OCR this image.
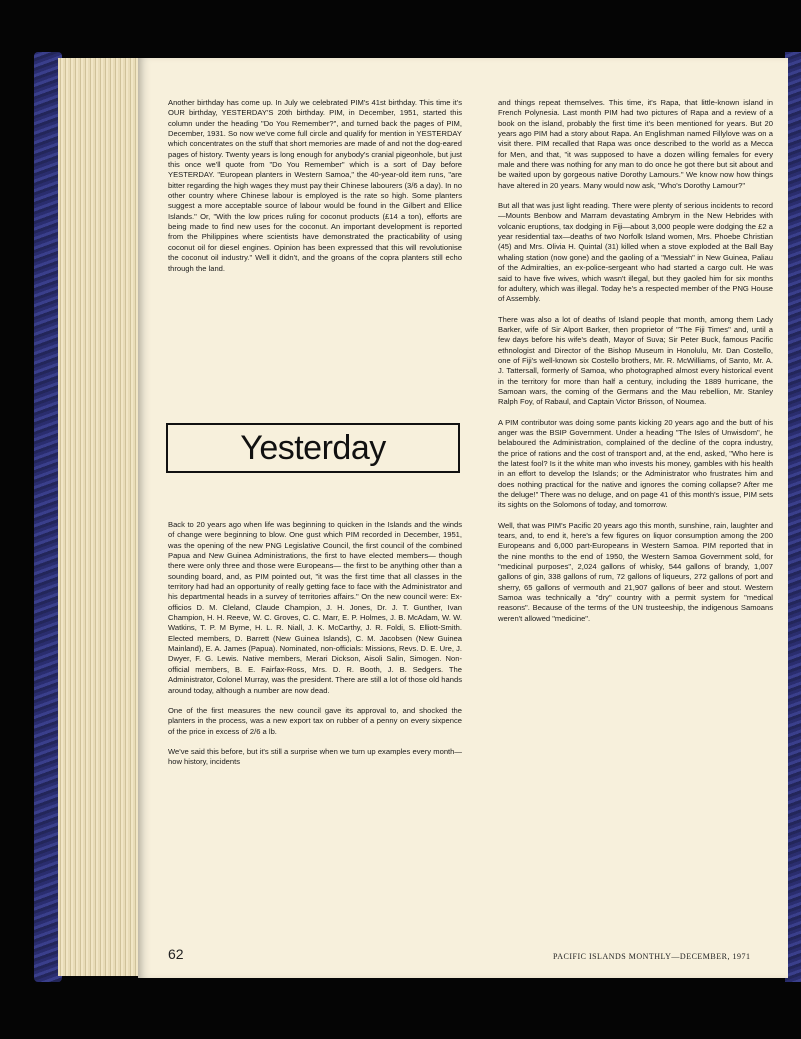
Another birthday has come up. In July we celebrated PIM's 41st birthday. This time it's OUR birthday, YESTERDAY'S 20th birthday. PIM, in December, 1951, started this column under the heading "Do You Remember?", and turned back the pages of PIM, December, 1931. So now we've come full circle and qualify for mention in YESTERDAY which concentrates on the stuff that short memories are made of and not the dog-eared pages of history. Twenty years is long enough for anybody's cranial pigeonhole, but just this once we'll quote from "Do You Remember" which is a sort of Day before YESTERDAY. "European planters in Western Samoa," the 40-year-old item runs, "are bitter regarding the high wages they must pay their Chinese labourers (3/6 a day). In no other country where Chinese labour is employed is the rate so high. Some planters suggest a more acceptable source of labour would be found in the Gilbert and Ellice Islands." Or, "With the low prices ruling for coconut products (£14 a ton), efforts are being made to find new uses for the coconut. An important development is reported from the Philippines where scientists have demonstrated the practicability of using coconut oil for diesel engines. Opinion has been expressed that this will revolutionise the coconut oil industry." Well it didn't, and the groans of the copra planters still echo through the land.

Yesterday

Back to 20 years ago when life was beginning to quicken in the Islands and the winds of change were beginning to blow. One gust which PIM recorded in December, 1951, was the opening of the new PNG Legislative Council, the first council of the combined Papua and New Guinea Administrations, the first to have elected members— though there were only three and those were Europeans— the first to be anything other than a sounding board, and, as PIM pointed out, "it was the first time that all classes in the territory had had an opportunity of really getting face to face with the Administrator and his departmental heads in a survey of territories affairs." On the new council were: Ex-officios D. M. Cleland, Claude Champion, J. H. Jones, Dr. J. T. Gunther, Ivan Champion, H. H. Reeve, W. C. Groves, C. C. Marr, E. P. Holmes, J. B. McAdam, W. W. Watkins, T. P. M Byrne, H. L. R. Niall, J. K. McCarthy, J. R. Foldi, S. Elliott-Smith. Elected members, D. Barrett (New Guinea Islands), C. M. Jacobsen (New Guinea Mainland), E. A. James (Papua). Nominated, non-officials: Missions, Revs. D. E. Ure, J. Dwyer, F. G. Lewis. Native members, Merari Dickson, Aisoli Salin, Simogen. Non-official members, B. E. Fairfax-Ross, Mrs. D. R. Booth, J. B. Sedgers. The Administrator, Colonel Murray, was the president. There are still a lot of those old hands around today, although a number are now dead.

One of the first measures the new council gave its approval to, and shocked the planters in the process, was a new export tax on rubber of a penny on every sixpence of the price in excess of 2/6 a lb.

We've said this before, but it's still a surprise when we turn up examples every month—how history, incidents

and things repeat themselves. This time, it's Rapa, that little-known island in French Polynesia. Last month PIM had two pictures of Rapa and a review of a book on the island, probably the first time it's been mentioned for years. But 20 years ago PIM had a story about Rapa. An Englishman named Fillylove was on a visit there. PIM recalled that Rapa was once described to the world as a Mecca for Men, and that, "it was supposed to have a dozen willing females for every male and there was nothing for any man to do once he got there but sit about and be waited upon by gorgeous native Dorothy Lamours." We know now how things have altered in 20 years. Many would now ask, "Who's Dorothy Lamour?"

But all that was just light reading. There were plenty of serious incidents to record—Mounts Benbow and Marram devastating Ambrym in the New Hebrides with volcanic eruptions, tax dodging in Fiji—about 3,000 people were dodging the £2 a year residential tax—deaths of two Norfolk Island women, Mrs. Phoebe Christian (45) and Mrs. Olivia H. Quintal (31) killed when a stove exploded at the Ball Bay whaling station (now gone) and the gaoling of a "Messiah" in New Guinea, Paliau of the Admiralties, an ex-police-sergeant who had started a cargo cult. He was said to have five wives, which wasn't illegal, but they gaoled him for six months for adultery, which was illegal. Today he's a respected member of the PNG House of Assembly.

There was also a lot of deaths of Island people that month, among them Lady Barker, wife of Sir Alport Barker, then proprietor of "The Fiji Times" and, until a few days before his wife's death, Mayor of Suva; Sir Peter Buck, famous Pacific ethnologist and Director of the Bishop Museum in Honolulu, Mr. Dan Costello, one of Fiji's well-known six Costello brothers, Mr. R. McWilliams, of Santo, Mr. A. J. Tattersall, formerly of Samoa, who photographed almost every historical event in the territory for more than half a century, including the 1889 hurricane, the Samoan wars, the coming of the Germans and the Mau rebellion, Mr. Stanley Ralph Foy, of Rabaul, and Captain Victor Brisson, of Noumea.

A PIM contributor was doing some pants kicking 20 years ago and the butt of his anger was the BSIP Government. Under a heading "The Isles of Unwisdom", he belaboured the Administration, complained of the decline of the copra industry, the price of rations and the cost of transport and, at the end, asked, "Who here is the latest fool? Is it the white man who invests his money, gambles with his health in an effort to develop the Islands; or the Administrator who frustrates him and does nothing practical for the native and ignores the coming collapse? After me the deluge!" There was no deluge, and on page 41 of this month's issue, PIM sets its sights on the Solomons of today, and tomorrow.

Well, that was PIM's Pacific 20 years ago this month, sunshine, rain, laughter and tears, and, to end it, here's a few figures on liquor consumption among the 200 Europeans and 6,000 part-Europeans in Western Samoa. PIM reported that in the nine months to the end of 1950, the Western Samoa Government sold, for "medicinal purposes", 2,024 gallons of whisky, 544 gallons of brandy, 1,007 gallons of gin, 338 gallons of rum, 72 gallons of liqueurs, 272 gallons of port and sherry, 65 gallons of vermouth and 21,907 gallons of beer and stout. Western Samoa was technically a "dry" country with a permit system for "medical reasons". Because of the terms of the UN trusteeship, the indigenous Samoans weren't allowed "medicine".

62	PACIFIC ISLANDS MONTHLY—DECEMBER, 1971
